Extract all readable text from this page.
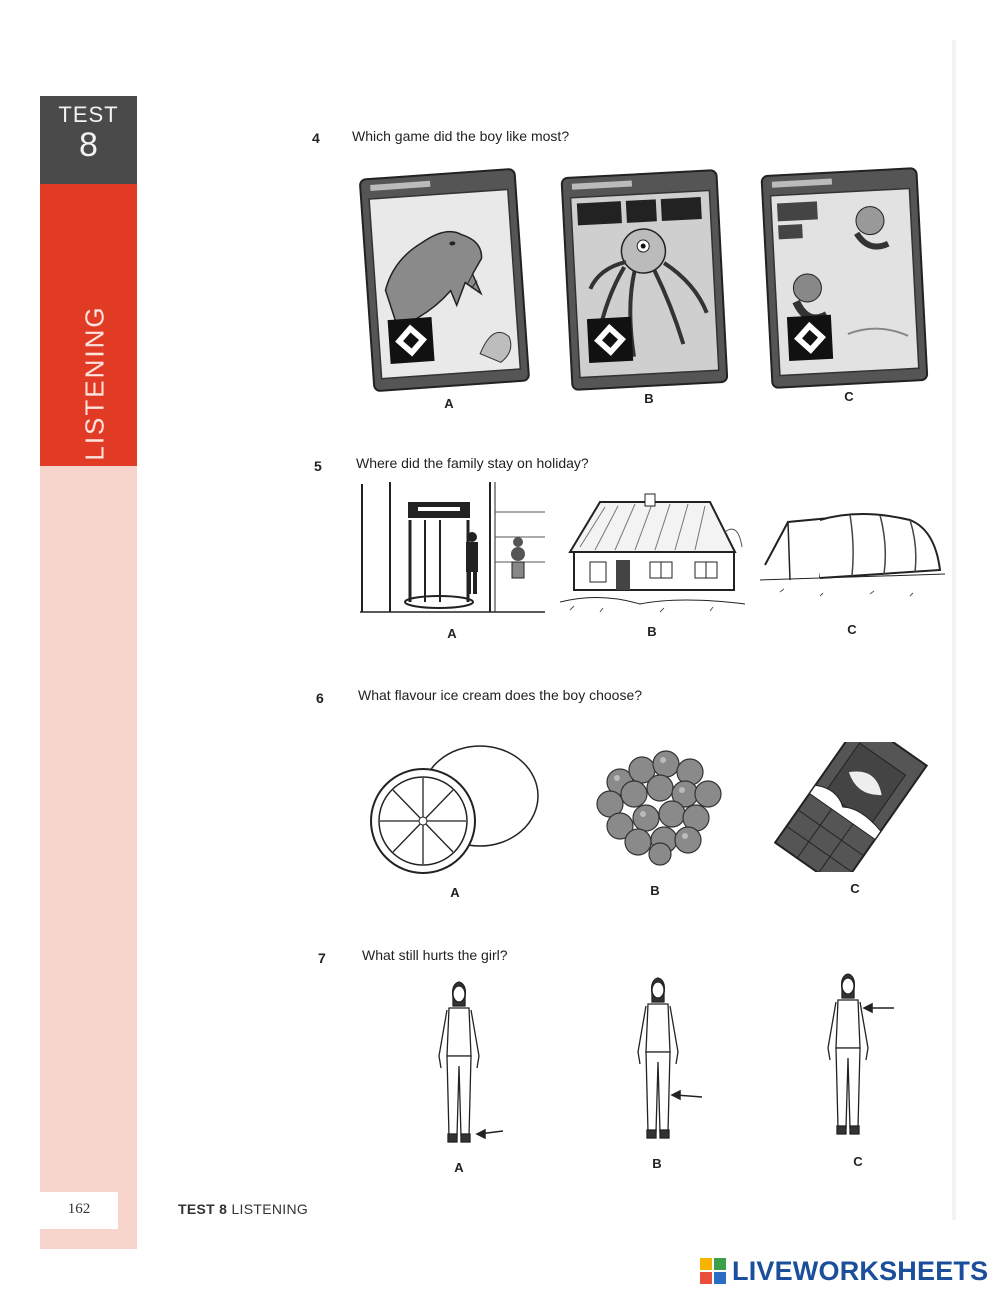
TEST
8
LISTENING
162	TEST 8 LISTENING
4 Which game did the boy like most?
A	B	C
5 Where did the family stay on holiday?
A	B	C
6 What flavour ice cream does the boy choose?
A	B	C
7	What still hurts the girl?
A	B	C
LIVEWORKSHEETS
